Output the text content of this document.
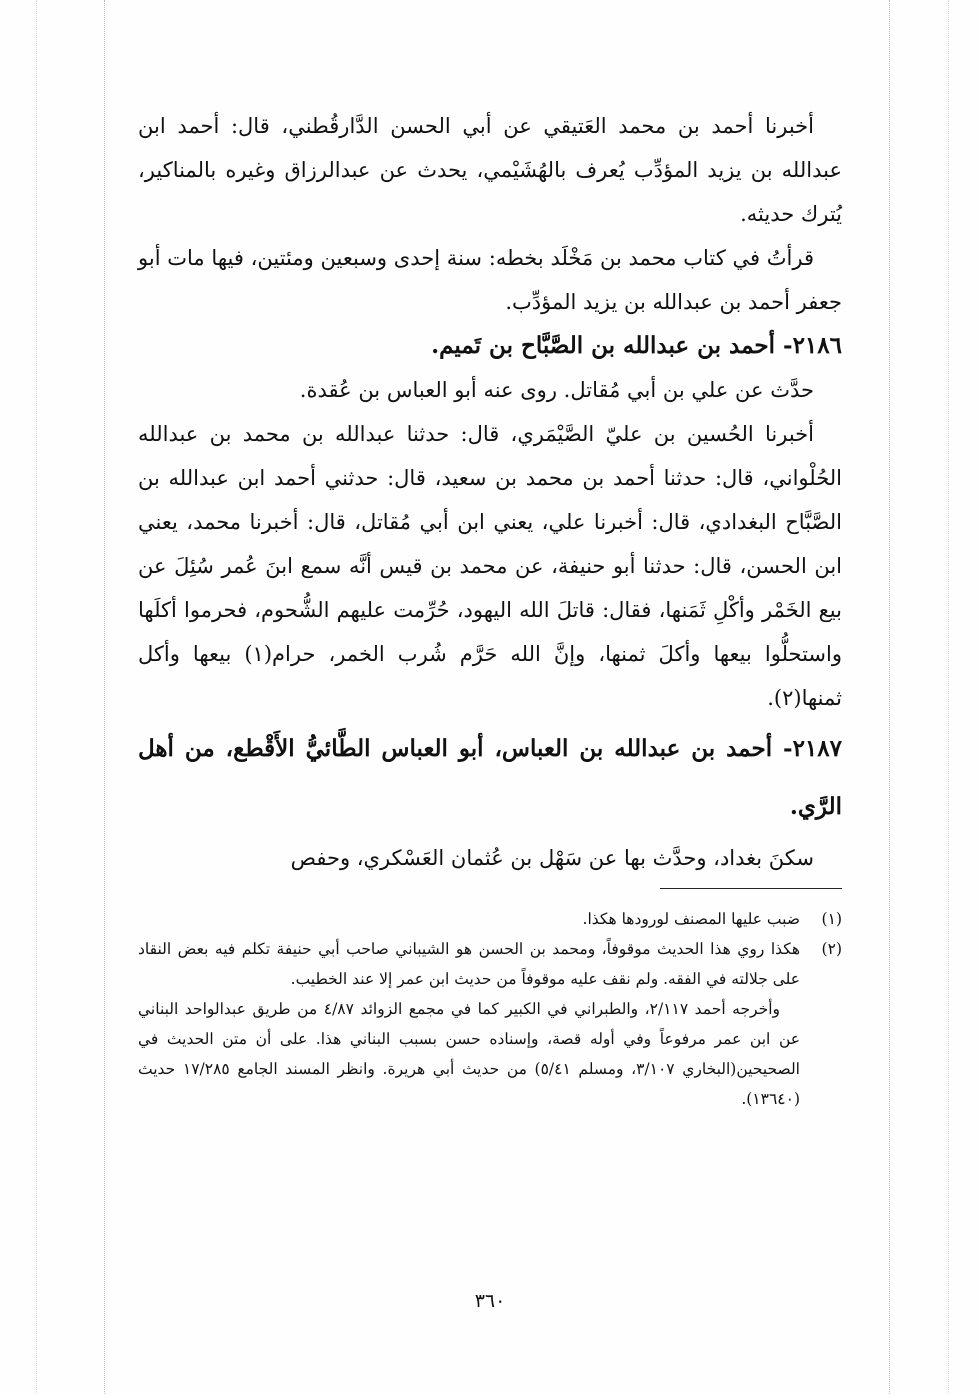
أخبرنا أحمد بن محمد العَتيقي عن أبي الحسن الدَّارقُطني، قال: أحمد ابن عبدالله بن يزيد المؤدِّب يُعرف بالهُشَيْمي، يحدث عن عبدالرزاق وغيره بالمناكير، يُترك حديثه.

قرأتُ في كتاب محمد بن مَخْلَد بخطه: سنة إحدى وسبعين ومئتين، فيها مات أبو جعفر أحمد بن عبدالله بن يزيد المؤدِّب.

٢١٨٦- أحمد بن عبدالله بن الصَّبَّاح بن تَميم.

حدَّث عن علي بن أبي مُقاتل. روى عنه أبو العباس بن عُقدة.

أخبرنا الحُسين بن عليّ الصَّيْمَري، قال: حدثنا عبدالله بن محمد بن عبدالله الحُلْواني، قال: حدثنا أحمد بن محمد بن سعيد، قال: حدثني أحمد ابن عبدالله بن الصَّبَّاح البغدادي، قال: أخبرنا علي، يعني ابن أبي مُقاتل، قال: أخبرنا محمد، يعني ابن الحسن، قال: حدثنا أبو حنيفة، عن محمد بن قيس أنَّه سمع ابنَ عُمر سُئِلَ عن بيع الخَمْر وأكْلِ ثَمَنها، فقال: قاتلَ الله اليهود، حُرِّمت عليهم الشُّحوم، فحرموا أكلَها واستحلُّوا بيعها وأكلَ ثمنها، وإنَّ الله حَرَّم شُرب الخمر، حرام(١) بيعها وأكل ثمنها(٢).

٢١٨٧- أحمد بن عبدالله بن العباس، أبو العباس الطَّائيُّ الأَقْطع، من أهل الرَّي.

سكنَ بغداد، وحدَّث بها عن سَهْل بن عُثمان العَسْكري، وحفص

(١)
ضبب عليها المصنف لورودها هكذا.
(٢)
هكذا روي هذا الحديث موقوفاً، ومحمد بن الحسن هو الشيباني صاحب أبي حنيفة تكلم فيه بعض النقاد على جلالته في الفقه. ولم نقف عليه موقوفاً من حديث ابن عمر إلا عند الخطيب.

وأخرجه أحمد ٢/١١٧، والطبراني في الكبير كما في مجمع الزوائد ٤/٨٧ من طريق عبدالواحد البناني عن ابن عمر مرفوعاً وفي أوله قصة، وإسناده حسن بسبب البناني هذا. على أن متن الحديث في الصحيحين(البخاري ٣/١٠٧، ومسلم ٥/٤١) من حديث أبي هريرة. وانظر المسند الجامع ١٧/٢٨٥ حديث (١٣٦٤٠).

٣٦٠
